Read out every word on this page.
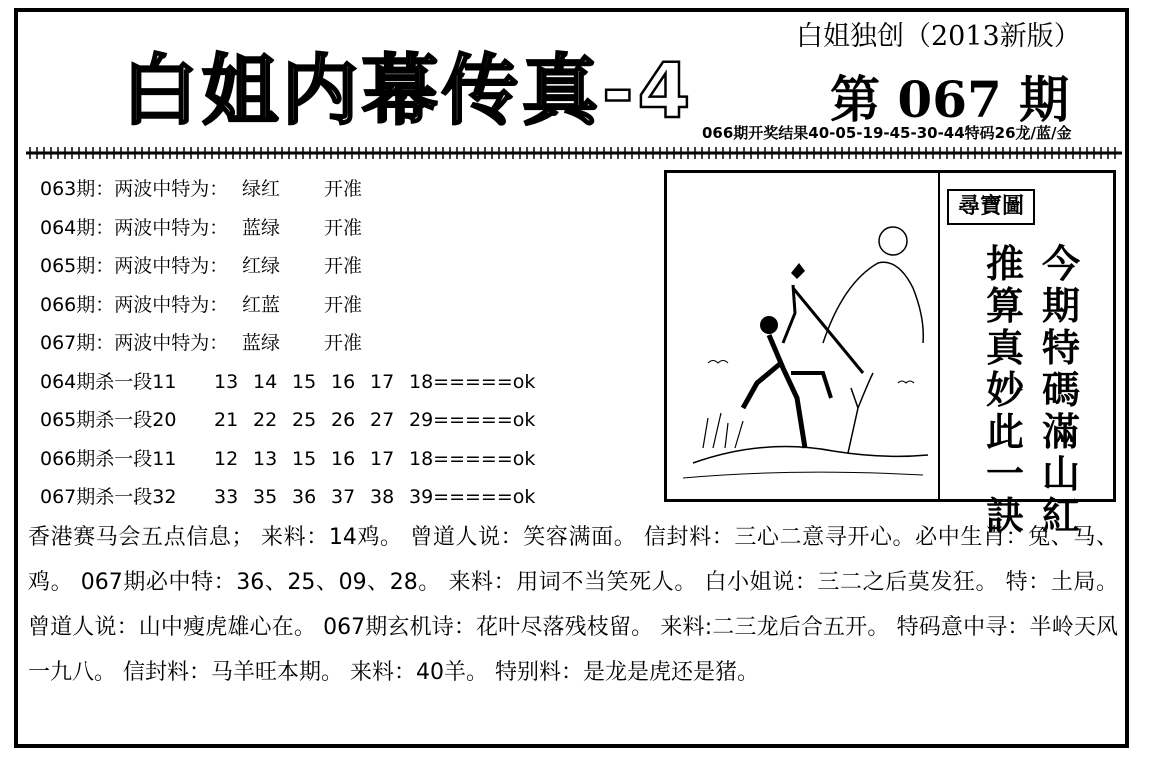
白姐内幕传真-4
白姐独创（2013新版）
第 067 期
066期开奖结果40-05-19-45-30-44特码26龙/蓝/金
063期：两波中特为： 绿红 开准
064期：两波中特为： 蓝绿 开准
065期：两波中特为： 红绿 开准
066期：两波中特为： 红蓝 开准
067期：两波中特为： 蓝绿 开准
064期杀一段11 13 14 15 16 17 18=====ok
065期杀一段20 21 22 25 26 27 29=====ok
066期杀一段11 12 13 15 16 17 18=====ok
067期杀一段32 33 35 36 37 38 39=====ok
尋寶圖
今
期
特
碼
滿
山
紅
推
算
真
妙
此
一
訣
香港赛马会五点信息； 来料：14鸡。 曾道人说：笑容满面。 信封料：三心二意寻开心。必中生肖：兔、马、鸡。 067期必中特：36、25、09、28。 来料：用词不当笑死人。 白小姐说：三二之后莫发狂。 特：土局。 曾道人说：山中瘦虎雄心在。 067期玄机诗：花叶尽落残枝留。 来料:二三龙后合五开。 特码意中寻：半岭天风一九八。 信封料：马羊旺本期。 来料：40羊。 特别料：是龙是虎还是猪。
